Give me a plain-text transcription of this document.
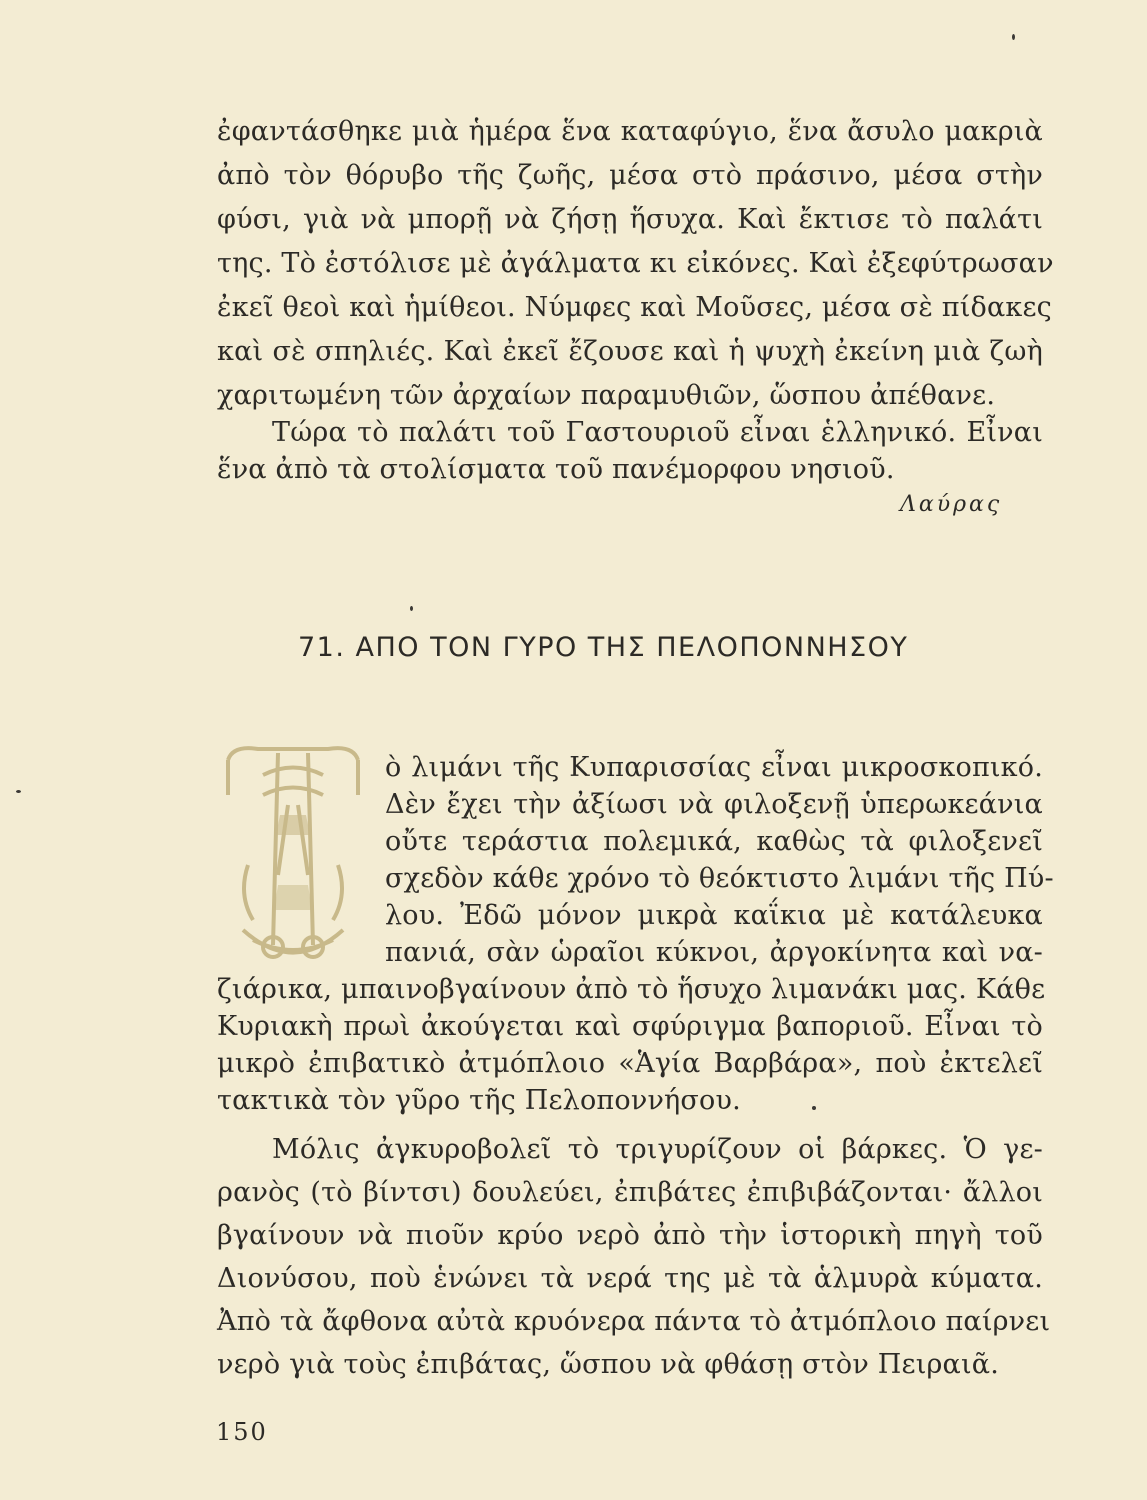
ἐφαντάσθηκε μιὰ ἡμέρα ἕνα καταφύγιο, ἕνα ἄσυλο μακριὰ
ἀπὸ τὸν θόρυβο τῆς ζωῆς, μέσα στὸ πράσινο, μέσα στὴν
φύσι, γιὰ νὰ μπορῇ νὰ ζήσῃ ἥσυχα. Καὶ ἔκτισε τὸ παλάτι
της. Τὸ ἐστόλισε μὲ ἀγάλματα κι εἰκόνες. Καὶ ἐξεφύτρωσαν
ἐκεῖ θεοὶ καὶ ἡμίθεοι. Νύμφες καὶ Μοῦσες, μέσα σὲ πίδακες
καὶ σὲ σπηλιές. Καὶ ἐκεῖ ἔζουσε καὶ ἡ ψυχὴ ἐκείνη μιὰ ζωὴ
χαριτωμένη τῶν ἀρχαίων παραμυθιῶν, ὥσπου ἀπέθανε.
Τώρα τὸ παλάτι τοῦ Γαστουριοῦ εἶναι ἑλληνικό. Εἶναι
ἕνα ἀπὸ τὰ στολίσματα τοῦ πανέμορφου νησιοῦ.
Λαύρας
71. ΑΠΟ ΤΟΝ ΓΥΡΟ ΤΗΣ ΠΕΛΟΠΟΝΝΗΣΟΥ
ὸ λιμάνι τῆς Κυπαρισσίας εἶναι μικροσκοπικό.
Δὲν ἔχει τὴν ἀξίωσι νὰ φιλοξενῇ ὑπερωκεάνια
οὔτε τεράστια πολεμικά, καθὼς τὰ φιλοξενεῖ
σχεδὸν κάθε χρόνο τὸ θεόκτιστο λιμάνι τῆς Πύ-
λου. Ἐδῶ μόνον μικρὰ καΐκια μὲ κατάλευκα
πανιά, σὰν ὡραῖοι κύκνοι, ἀργοκίνητα καὶ να-
ζιάρικα, μπαινοβγαίνουν ἀπὸ τὸ ἥσυχο λιμανάκι μας. Κάθε
Κυριακὴ πρωὶ ἀκούγεται καὶ σφύριγμα βαποριοῦ. Εἶναι τὸ
μικρὸ ἐπιβατικὸ ἀτμόπλοιο «Ἁγία Βαρβάρα», ποὺ ἐκτελεῖ
τακτικὰ τὸν γῦρο τῆς Πελοποννήσου.
Μόλις ἀγκυροβολεῖ τὸ τριγυρίζουν οἱ βάρκες. Ὁ γε-
ρανὸς (τὸ βίντσι) δουλεύει, ἐπιβάτες ἐπιβιβάζονται· ἄλλοι
βγαίνουν νὰ πιοῦν κρύο νερὸ ἀπὸ τὴν ἱστορικὴ πηγὴ τοῦ
Διονύσου, ποὺ ἑνώνει τὰ νερά της μὲ τὰ ἁλμυρὰ κύματα.
Ἀπὸ τὰ ἄφθονα αὐτὰ κρυόνερα πάντα τὸ ἀτμόπλοιο παίρνει
νερὸ γιὰ τοὺς ἐπιβάτας, ὥσπου νὰ φθάσῃ στὸν Πειραιᾶ.
150
